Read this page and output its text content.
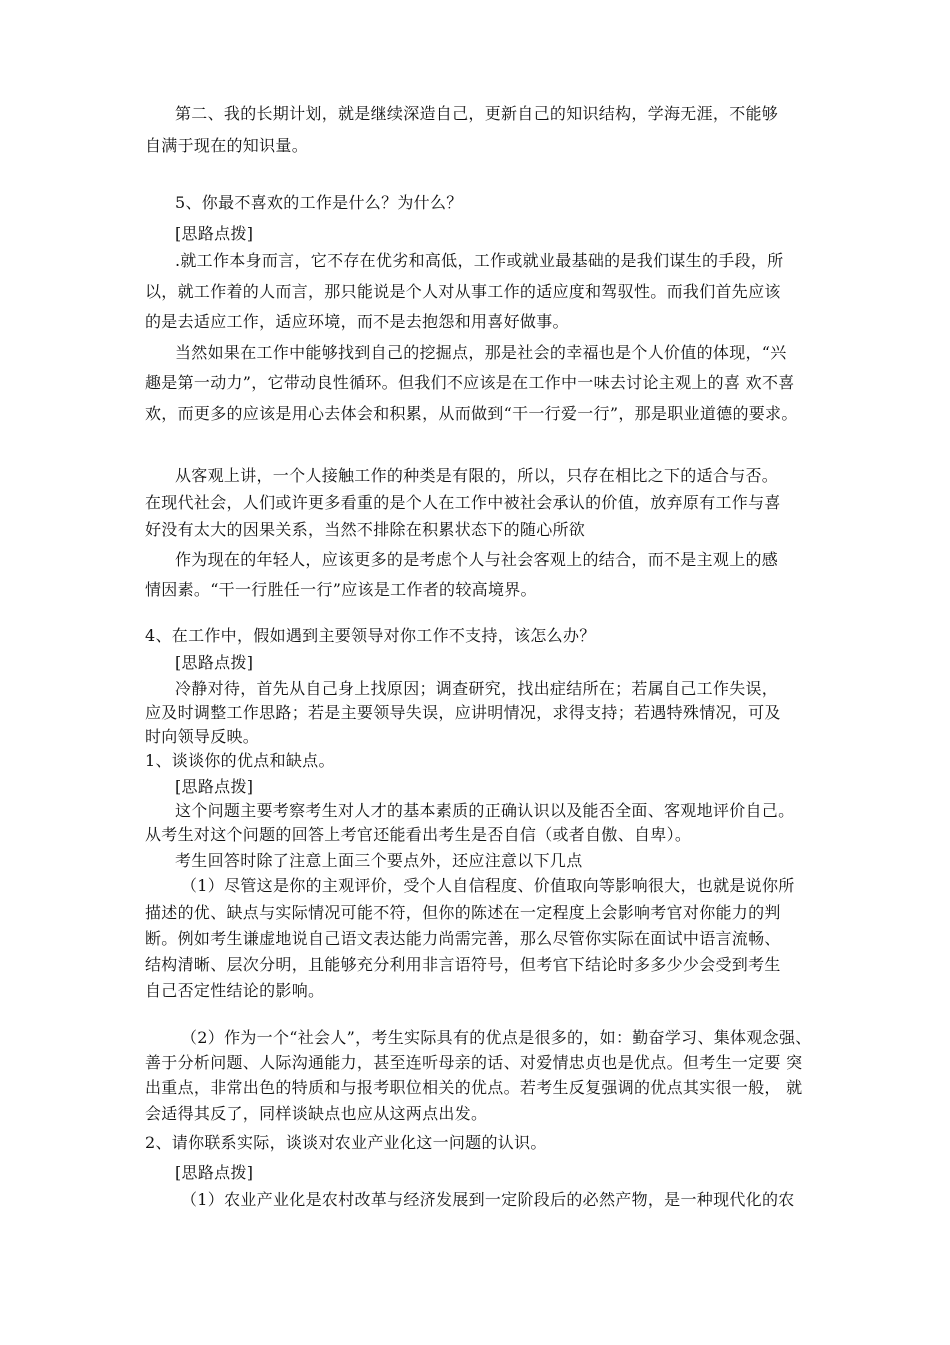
第二、我的长期计划，就是继续深造自己，更新自己的知识结构，学海无涯，不能够
自满于现在的知识量。
5、你最不喜欢的工作是什么？为什么？
[思路点拨]
.就工作本身而言，它不存在优劣和高低，工作或就业最基础的是我们谋生的手段，所
以，就工作着的人而言，那只能说是个人对从事工作的适应度和驾驭性。而我们首先应该
的是去适应工作，适应环境，而不是去抱怨和用喜好做事。
当然如果在工作中能够找到自己的挖掘点，那是社会的幸福也是个人价值的体现，“兴
趣是第一动力”，它带动良性循环。但我们不应该是在工作中一味去讨论主观上的喜 欢不喜
欢，而更多的应该是用心去体会和积累，从而做到“干一行爱一行”，那是职业道德的要求。
从客观上讲，一个人接触工作的种类是有限的，所以，只存在相比之下的适合与否。
在现代社会，人们或许更多看重的是个人在工作中被社会承认的价值，放弃原有工作与喜
好没有太大的因果关系，当然不排除在积累状态下的随心所欲
作为现在的年轻人，应该更多的是考虑个人与社会客观上的结合，而不是主观上的感
情因素。“干一行胜任一行”应该是工作者的较高境界。
4、在工作中，假如遇到主要领导对你工作不支持，该怎么办？
[思路点拨]
冷静对待，首先从自己身上找原因；调查研究，找出症结所在；若属自己工作失误，
应及时调整工作思路；若是主要领导失误，应讲明情况，求得支持；若遇特殊情况，可及
时向领导反映。
1、谈谈你的优点和缺点。
[思路点拨]
这个问题主要考察考生对人才的基本素质的正确认识以及能否全面、客观地评价自己。
从考生对这个问题的回答上考官还能看出考生是否自信（或者自傲、自卑）。
考生回答时除了注意上面三个要点外，还应注意以下几点
（1）尽管这是你的主观评价，受个人自信程度、价值取向等影响很大，也就是说你所
描述的优、缺点与实际情况可能不符，但你的陈述在一定程度上会影响考官对你能力的判
断。例如考生谦虚地说自己语文表达能力尚需完善，那么尽管你实际在面试中语言流畅、
结构清晰、层次分明，且能够充分利用非言语符号，但考官下结论时多多少少会受到考生
自己否定性结论的影响。
（2）作为一个“社会人”，考生实际具有的优点是很多的，如：勤奋学习、集体观念强、
善于分析问题、人际沟通能力，甚至连听母亲的话、对爱情忠贞也是优点。但考生一定要 突
出重点，非常出色的特质和与报考职位相关的优点。若考生反复强调的优点其实很一般， 就
会适得其反了，同样谈缺点也应从这两点出发。
2、请你联系实际，谈谈对农业产业化这一问题的认识。
[思路点拨]
（1）农业产业化是农村改革与经济发展到一定阶段后的必然产物，是一种现代化的农
